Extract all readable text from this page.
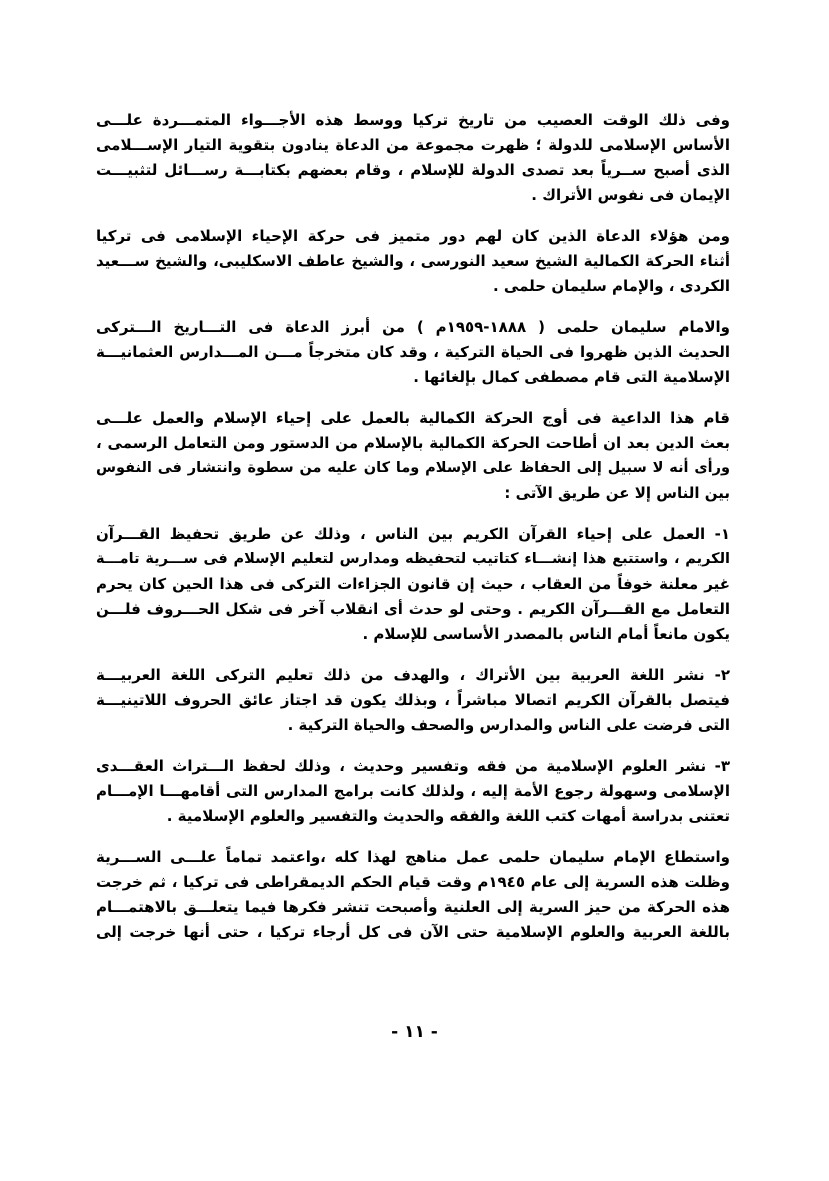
وفى ذلك الوقت العصيب من تاريخ تركيا ووسط هذه الأجـــواء المتمـــردة علـــى
الأساس الإسلامى للدولة ؛ ظهرت مجموعة من الدعاة ينادون بتقوية التيار الإســـلامى
الذى أصبح ســرياً بعد تصدى الدولة للإسلام ، وقام بعضهم بكتابـــة رســـائل لتثبيـــت
الإيمان فى نفوس الأتراك .
ومن هؤلاء الدعاة الذين كان لهم دور متميز فى حركة الإحياء الإسلامى فى تركيا
أثناء الحركة الكمالية الشيخ سعيد النورسى ، والشيخ عاطف الاسكليبى، والشيخ ســـعيد
الكردى ، والإمام سليمان حلمى .
والامام سليمان حلمى ( ١٨٨٨-١٩٥٩م ) من أبرز الدعاة فى التـــاريخ الـــتركى
الحديث الذين ظهروا فى الحياة التركية ، وقد كان متخرجاً مـــن المـــدارس العثمانيـــة
الإسلامية التى قام مصطفى كمال بإلغائها .
قام هذا الداعية فى أوج الحركة الكمالية بالعمل على إحياء الإسلام والعمل علـــى
بعث الدين بعد ان أطاحت الحركة الكمالية بالإسلام من الدستور ومن التعامل الرسمى ،
ورأى أنه لا سبيل إلى الحفاظ على الإسلام وما كان عليه من سطوة وانتشار فى النفوس
بين الناس إلا عن طريق الآتى :
١- العمل على إحياء القرآن الكريم بين الناس ، وذلك عن طريق تحفيظ القـــرآن
الكريم ، واستتبع هذا إنشـــاء كتاتيب لتحفيظه ومدارس لتعليم الإسلام فى ســـرية تامـــة
غير معلنة خوفاً من العقاب ، حيث إن قانون الجزاءات التركى فى هذا الحين كان يحرم
التعامل مع القـــرآن الكريم . وحتى لو حدث أى انقلاب آخر فى شكل الحـــروف فلـــن
يكون مانعاً أمام الناس بالمصدر الأساسى للإسلام .
٢- نشر اللغة العربية بين الأتراك ، والهدف من ذلك تعليم التركى اللغة العربيـــة
فيتصل بالقرآن الكريم اتصالا مباشراً ، وبذلك يكون قد اجتاز عائق الحروف اللاتينيـــة
التى فرضت على الناس والمدارس والصحف والحياة التركية .
٣- نشر العلوم الإسلامية من فقه وتفسير وحديث ، وذلك لحفظ الـــتراث العقـــدى
الإسلامى وسهولة رجوع الأمة إليه ، ولذلك كانت برامج المدارس التى أقامهـــا الإمـــام
تعتنى بدراسة أمهات كتب اللغة والفقه والحديث والتفسير والعلوم الإسلامية .
واستطاع الإمام سليمان حلمى عمل مناهج لهذا كله ،واعتمد تماماً علـــى الســـرية
وظلت هذه السرية إلى عام ١٩٤٥م وقت قيام الحكم الديمقراطى فى تركيا ، ثم خرجت
هذه الحركة من حيز السرية إلى العلنية وأصبحت تنشر فكرها فيما يتعلـــق بالاهتمـــام
باللغة العربية والعلوم الإسلامية حتى الآن فى كل أرجاء تركيا ، حتى أنها خرجت إلى
- ١١ -
